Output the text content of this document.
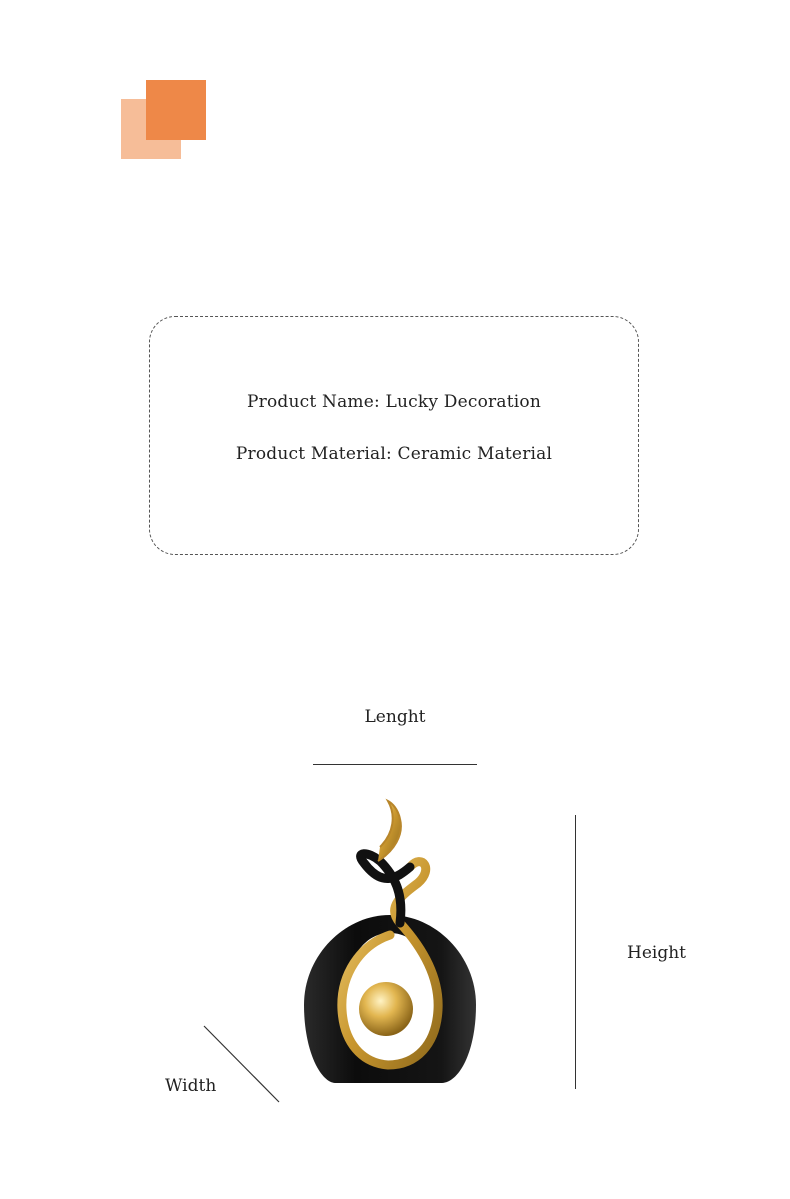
Product Name: Lucky Decoration
Product Material: Ceramic Material
Lenght
Height
Width
